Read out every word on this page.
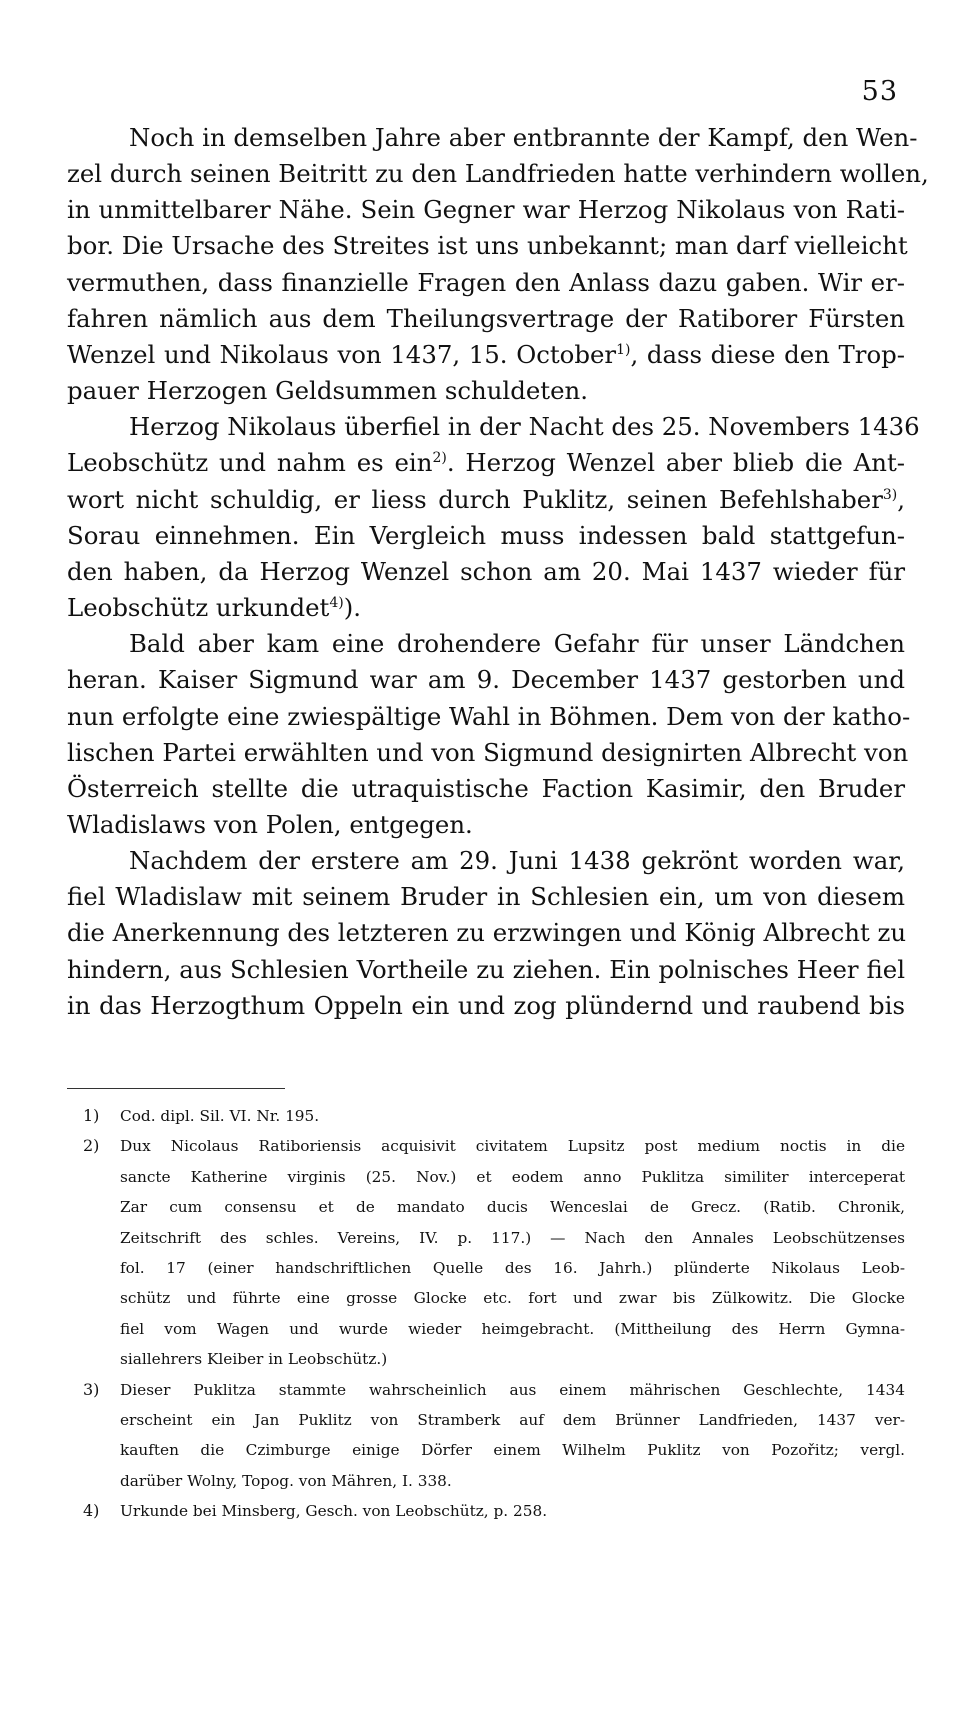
53
Noch in demselben Jahre aber entbrannte der Kampf, den Wen-
zel durch seinen Beitritt zu den Landfrieden hatte verhindern wollen,
in unmittelbarer Nähe. Sein Gegner war Herzog Nikolaus von Rati-
bor. Die Ursache des Streites ist uns unbekannt; man darf vielleicht
vermuthen, dass finanzielle Fragen den Anlass dazu gaben. Wir er-
fahren nämlich aus dem Theilungsvertrage der Ratiborer Fürsten
Wenzel und Nikolaus von 1437, 15. October$^{1)}$, dass diese den Trop-
pauer Herzogen Geldsummen schuldeten.
Herzog Nikolaus überfiel in der Nacht des 25. Novembers 1436
Leobschütz und nahm es ein$^{2)}$. Herzog Wenzel aber blieb die Ant-
wort nicht schuldig, er liess durch Puklitz, seinen Befehlshaber$^{3)}$,
Sorau einnehmen. Ein Vergleich muss indessen bald stattgefun-
den haben, da Herzog Wenzel schon am 20. Mai 1437 wieder für
Leobschütz urkundet$^{4)}$).
Bald aber kam eine drohendere Gefahr für unser Ländchen
heran. Kaiser Sigmund war am 9. December 1437 gestorben und
nun erfolgte eine zwiespältige Wahl in Böhmen. Dem von der katho-
lischen Partei erwählten und von Sigmund designirten Albrecht von
Österreich stellte die utraquistische Faction Kasimir, den Bruder
Wladislaws von Polen, entgegen.
Nachdem der erstere am 29. Juni 1438 gekrönt worden war,
fiel Wladislaw mit seinem Bruder in Schlesien ein, um von diesem
die Anerkennung des letzteren zu erzwingen und König Albrecht zu
hindern, aus Schlesien Vortheile zu ziehen. Ein polnisches Heer fiel
in das Herzogthum Oppeln ein und zog plündernd und raubend bis
1) Cod. dipl. Sil. VI. Nr. 195.
2) Dux Nicolaus Ratiboriensis acquisivit civitatem Lupsitz post medium noctis in die
sancte Katherine virginis (25. Nov.) et eodem anno Puklitza similiter interceperat
Zar cum consensu et de mandato ducis Wenceslai de Grecz. (Ratib. Chronik,
Zeitschrift des schles. Vereins, IV. p. 117.) — Nach den Annales Leobschützenses
fol. 17 (einer handschriftlichen Quelle des 16. Jahrh.) plünderte Nikolaus Leob-
schütz und führte eine grosse Glocke etc. fort und zwar bis Zülkowitz. Die Glocke
fiel vom Wagen und wurde wieder heimgebracht. (Mittheilung des Herrn Gymna-
siallehrers Kleiber in Leobschütz.)
3) Dieser Puklitza stammte wahrscheinlich aus einem mährischen Geschlechte, 1434
erscheint ein Jan Puklitz von Stramberk auf dem Brünner Landfrieden, 1437 ver-
kauften die Czimburge einige Dörfer einem Wilhelm Puklitz von Pozořitz; vergl.
darüber Wolny, Topog. von Mähren, I. 338.
4) Urkunde bei Minsberg, Gesch. von Leobschütz, p. 258.
